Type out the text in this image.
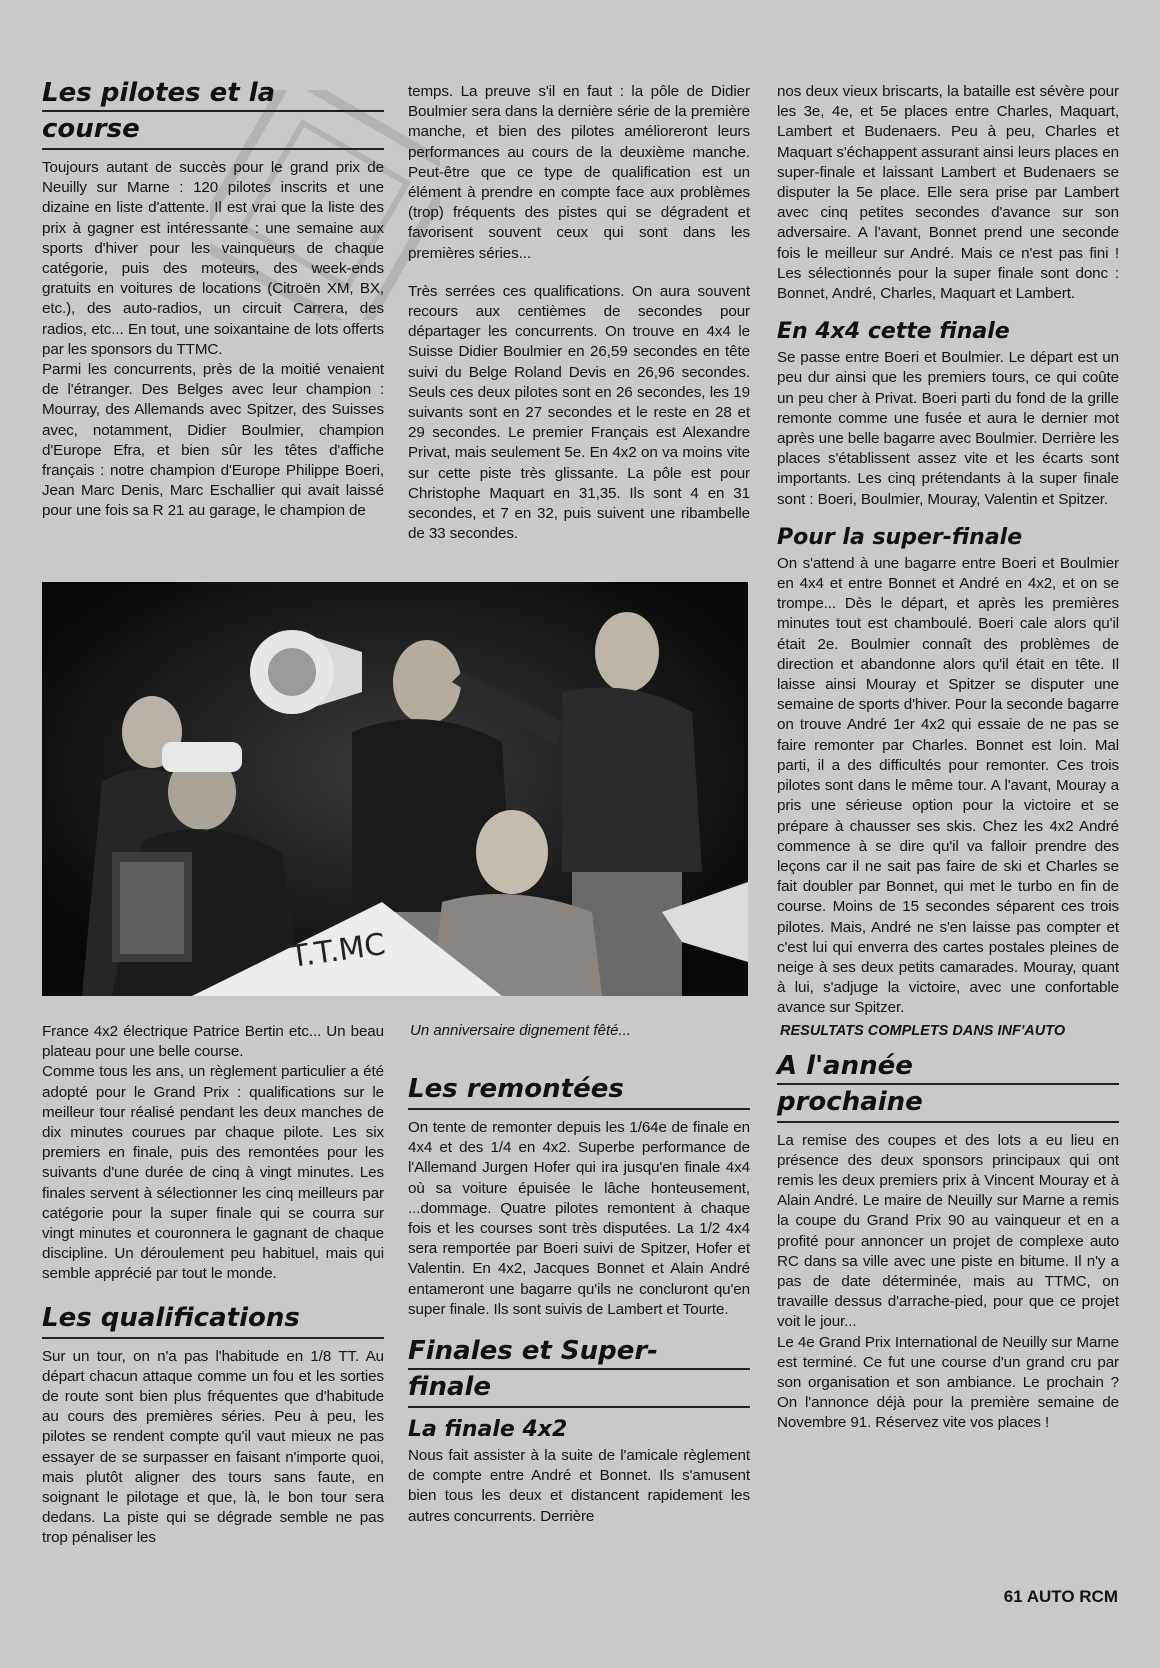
Les pilotes et la
course

Toujours autant de succès pour le grand prix de Neuilly sur Marne : 120 pilotes inscrits et une dizaine en liste d'attente. Il est vrai que la liste des prix à gagner est intéressante : une semaine aux sports d'hiver pour les vainqueurs de chaque catégorie, puis des moteurs, des week-ends gratuits en voitures de locations (Citroën XM, BX, etc.), des auto-radios, un circuit Carrera, des radios, etc... En tout, une soixantaine de lots offerts par les sponsors du TTMC.

Parmi les concurrents, près de la moitié venaient de l'étranger. Des Belges avec leur champion : Mourray, des Allemands avec Spitzer, des Suisses avec, notamment, Didier Boulmier, champion d'Europe Efra, et bien sûr les têtes d'affiche français : notre champion d'Europe Philippe Boeri, Jean Marc Denis, Marc Eschallier qui avait laissé pour une fois sa R 21 au garage, le champion de

temps. La preuve s'il en faut : la pôle de Didier Boulmier sera dans la dernière série de la première manche, et bien des pilotes amélioreront leurs performances au cours de la deuxième manche. Peut-être que ce type de qualification est un élément à prendre en compte face aux problèmes (trop) fréquents des pistes qui se dégradent et favorisent souvent ceux qui sont dans les premières séries...

Très serrées ces qualifications. On aura souvent recours aux centièmes de secondes pour départager les concurrents. On trouve en 4x4 le Suisse Didier Boulmier en 26,59 secondes en tête suivi du Belge Roland Devis en 26,96 secondes. Seuls ces deux pilotes sont en 26 secondes, les 19 suivants sont en 27 secondes et le reste en 28 et 29 secondes. Le premier Français est Alexandre Privat, mais seulement 5e. En 4x2 on va moins vite sur cette piste très glissante. La pôle est pour Christophe Maquart en 31,35. Ils sont 4 en 31 secondes, et 7 en 32, puis suivent une ribambelle de 33 secondes.

nos deux vieux briscarts, la bataille est sévère pour les 3e, 4e, et 5e places entre Charles, Maquart, Lambert et Budenaers. Peu à peu, Charles et Maquart s'échappent assurant ainsi leurs places en super-finale et laissant Lambert et Budenaers se disputer la 5e place. Elle sera prise par Lambert avec cinq petites secondes d'avance sur son adversaire. A l'avant, Bonnet prend une seconde fois le meilleur sur André. Mais ce n'est pas fini ! Les sélectionnés pour la super finale sont donc : Bonnet, André, Charles, Maquart et Lambert.

En 4x4 cette finale

Se passe entre Boeri et Boulmier. Le départ est un peu dur ainsi que les premiers tours, ce qui coûte un peu cher à Privat. Boeri parti du fond de la grille remonte comme une fusée et aura le dernier mot après une belle bagarre avec Boulmier. Derrière les places s'établissent assez vite et les écarts sont importants. Les cinq prétendants à la super finale sont : Boeri, Boulmier, Mouray, Valentin et Spitzer.

Pour la super-finale

On s'attend à une bagarre entre Boeri et Boulmier en 4x4 et entre Bonnet et André en 4x2, et on se trompe... Dès le départ, et après les premières minutes tout est chamboulé. Boeri cale alors qu'il était 2e. Boulmier connaît des problèmes de direction et abandonne alors qu'il était en tête. Il laisse ainsi Mouray et Spitzer se disputer une semaine de sports d'hiver. Pour la seconde bagarre on trouve André 1er 4x2 qui essaie de ne pas se faire remonter par Charles. Bonnet est loin. Mal parti, il a des difficultés pour remonter. Ces trois pilotes sont dans le même tour. A l'avant, Mouray a pris une sérieuse option pour la victoire et se prépare à chausser ses skis. Chez les 4x2 André commence à se dire qu'il va falloir prendre des leçons car il ne sait pas faire de ski et Charles se fait doubler par Bonnet, qui met le turbo en fin de course. Moins de 15 secondes séparent ces trois pilotes. Mais, André ne s'en laisse pas compter et c'est lui qui enverra des cartes postales pleines de neige à ses deux petits camarades. Mouray, quant à lui, s'adjuge la victoire, avec une confortable avance sur Spitzer.

RESULTATS COMPLETS DANS INF'AUTO
A l'année
prochaine

La remise des coupes et des lots a eu lieu en présence des deux sponsors principaux qui ont remis les deux premiers prix à Vincent Mouray et à Alain André. Le maire de Neuilly sur Marne a remis la coupe du Grand Prix 90 au vainqueur et en a profité pour annoncer un projet de complexe auto RC dans sa ville avec une piste en bitume. Il n'y a pas de date déterminée, mais au TTMC, on travaille dessus d'arrache-pied, pour que ce projet voit le jour...

Le 4e Grand Prix International de Neuilly sur Marne est terminé. Ce fut une course d'un grand cru par son organisation et son ambiance. Le prochain ? On l'annonce déjà pour la première semaine de Novembre 91. Réservez vite vos places !

T.T.MC
Un anniversaire dignement fêté...

France 4x2 électrique Patrice Bertin etc... Un beau plateau pour une belle course.

Comme tous les ans, un règlement particulier a été adopté pour le Grand Prix : qualifications sur le meilleur tour réalisé pendant les deux manches de dix minutes courues par chaque pilote. Les six premiers en finale, puis des remontées pour les suivants d'une durée de cinq à vingt minutes. Les finales servent à sélectionner les cinq meilleurs par catégorie pour la super finale qui se courra sur vingt minutes et couronnera le gagnant de chaque discipline. Un déroulement peu habituel, mais qui semble apprécié par tout le monde.

Les qualifications

Sur un tour, on n'a pas l'habitude en 1/8 TT. Au départ chacun attaque comme un fou et les sorties de route sont bien plus fréquentes que d'habitude au cours des premières séries. Peu à peu, les pilotes se rendent compte qu'il vaut mieux ne pas essayer de se surpasser en faisant n'importe quoi, mais plutôt aligner des tours sans faute, en soignant le pilotage et que, là, le bon tour sera dedans. La piste qui se dégrade semble ne pas trop pénaliser les

Les remontées

On tente de remonter depuis les 1/64e de finale en 4x4 et des 1/4 en 4x2. Superbe performance de l'Allemand Jurgen Hofer qui ira jusqu'en finale 4x4 où sa voiture épuisée le lâche honteusement, ...dommage. Quatre pilotes remontent à chaque fois et les courses sont très disputées. La 1/2 4x4 sera remportée par Boeri suivi de Spitzer, Hofer et Valentin. En 4x2, Jacques Bonnet et Alain André entameront une bagarre qu'ils ne concluront qu'en super finale. Ils sont suivis de Lambert et Tourte.

Finales et Super-
finale
La finale 4x2

Nous fait assister à la suite de l'amicale règlement de compte entre André et Bonnet. Ils s'amusent bien tous les deux et distancent rapidement les autres concurrents. Derrière

61 AUTO RCM
